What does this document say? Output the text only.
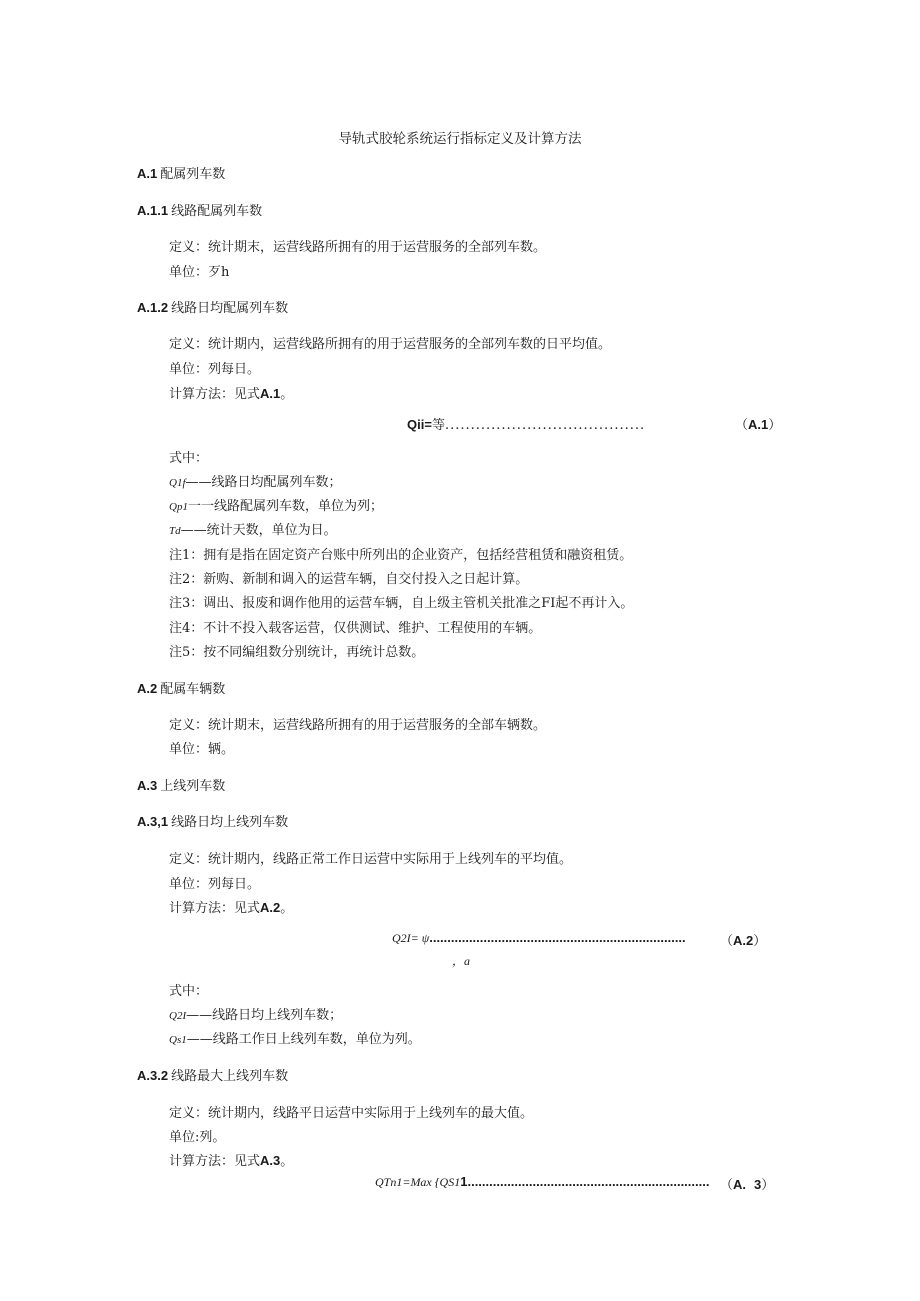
导轨式胶轮系统运行指标定义及计算方法
A.1 配属列车数
A.1.1 线路配属列车数
定义：统计期末，运营线路所拥有的用于运营服务的全部列车数。
单位：歹h
A.1.2 线路日均配属列车数
定义：统计期内，运营线路所拥有的用于运营服务的全部列车数的日平均值。
单位：列每日。
计算方法：见式A.1。
Qii=等.......................................	（A.1）
式中：
Q1f——线路日均配属列车数；
Qp1一一线路配属列车数，单位为列；
Td——统计天数，单位为日。
注1：拥有是指在固定资产台账中所列出的企业资产，包括经营租赁和融资租赁。
注2：新购、新制和调入的运营车辆，自交付投入之日起计算。
注3：调出、报废和调作他用的运营车辆，自上级主管机关批准之FI起不再计入。
注4：不计不投入载客运营，仅供测试、维护、工程使用的车辆。
注5：按不同编组数分别统计，再统计总数。
A.2 配属车辆数
定义：统计期末，运营线路所拥有的用于运营服务的全部车辆数。
单位：辆。
A.3 上线列车数
A.3,1 线路日均上线列车数
定义：统计期内，线路正常工作日运营中实际用于上线列车的平均值。
单位：列每日。
计算方法：见式A.2。
Q2I= ψ.......................................................................	（A.2）
，a
式中：
Q2I——线路日均上线列车数；
Qs1——线路工作日上线列车数，单位为列。
A.3.2 线路最大上线列车数
定义：统计期内，线路平日运营中实际用于上线列车的最大值。
单位:列。
计算方法：见式A.3。
QTn1=Max {QS11................................................................... （A. 3）
